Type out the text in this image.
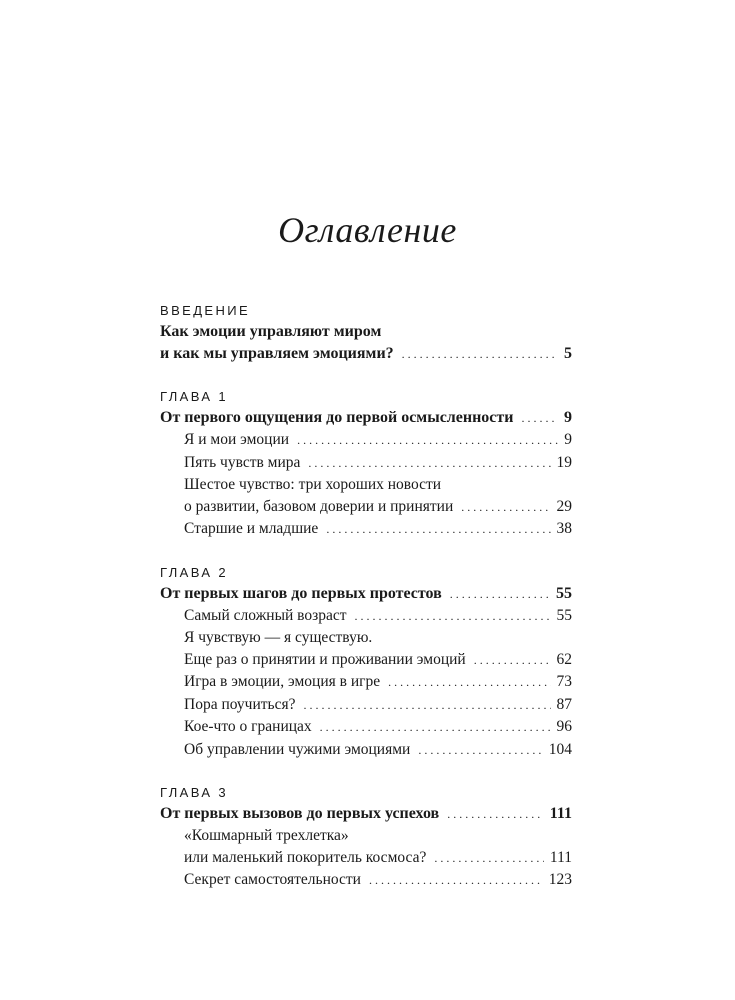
Оглавление
ВВЕДЕНИЕ
Как эмоции управляют миром
и как мы управляем эмоциями? .....	5
ГЛАВА 1
От первого ощущения до первой осмысленности .....	9
Я и мои эмоции .....	9
Пять чувств мира .....	19
Шестое чувство: три хороших новости
о развитии, базовом доверии и принятии .....	29
Старшие и младшие .....	38
ГЛАВА 2
От первых шагов до первых протестов .....	55
Самый сложный возраст .....	55
Я чувствую — я существую.
Еще раз о принятии и проживании эмоций .....	62
Игра в эмоции, эмоция в игре .....	73
Пора поучиться? .....	87
Кое-что о границах .....	96
Об управлении чужими эмоциями .....	104
ГЛАВА 3
От первых вызовов до первых успехов .....	111
«Кошмарный трехлетка»
или маленький покоритель космоса? .....	111
Секрет самостоятельности .....	123
